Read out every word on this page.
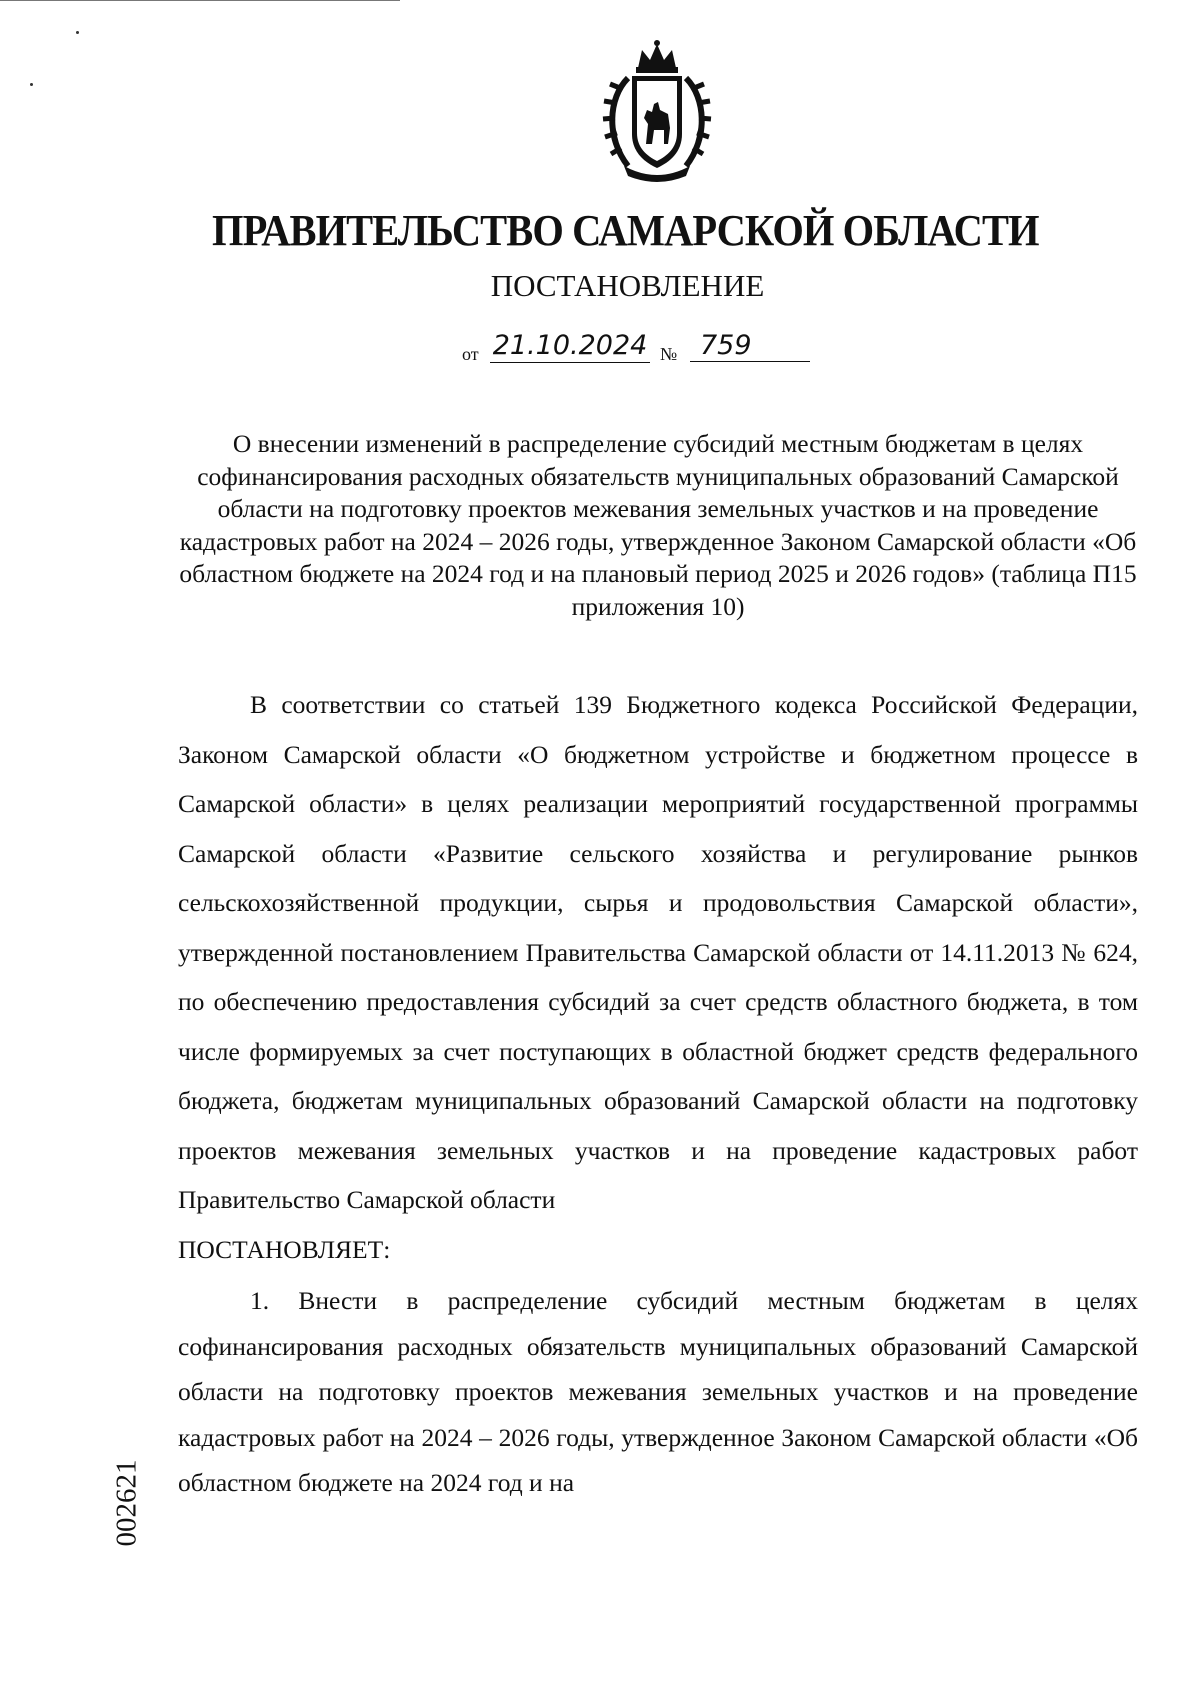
ПРАВИТЕЛЬСТВО САМАРСКОЙ ОБЛАСТИ
ПОСТАНОВЛЕНИЕ
от 21.10.2024 № 759
О внесении изменений в распределение субсидий местным бюджетам в целях софинансирования расходных обязательств муниципальных образований Самарской области на подготовку проектов межевания земельных участков и на проведение кадастровых работ на 2024 – 2026 годы, утвержденное Законом Самарской области «Об областном бюджете на 2024 год и на плановый период 2025 и 2026 годов» (таблица П15 приложения 10)

В соответствии со статьей 139 Бюджетного кодекса Российской Федерации, Законом Самарской области «О бюджетном устройстве и бюджетном процессе в Самарской области» в целях реализации мероприятий государственной программы Самарской области «Развитие сельского хозяйства и регулирование рынков сельскохозяйственной продукции, сырья и продовольствия Самарской области», утвержденной постановлением Правительства Самарской области от 14.11.2013 № 624, по обеспечению предоставления субсидий за счет средств областного бюджета, в том числе формируемых за счет поступающих в областной бюджет средств федерального бюджета, бюджетам муниципальных образований Самарской области на подготовку проектов межевания земельных участков и на проведение кадастровых работ Правительство Самарской области

ПОСТАНОВЛЯЕТ:

1. Внести в распределение субсидий местным бюджетам в целях софинансирования расходных обязательств муниципальных образований Самарской области на подготовку проектов межевания земельных участков и на проведение кадастровых работ на 2024 – 2026 годы, утвержденное Законом Самарской области «Об областном бюджете на 2024 год и на

002621
